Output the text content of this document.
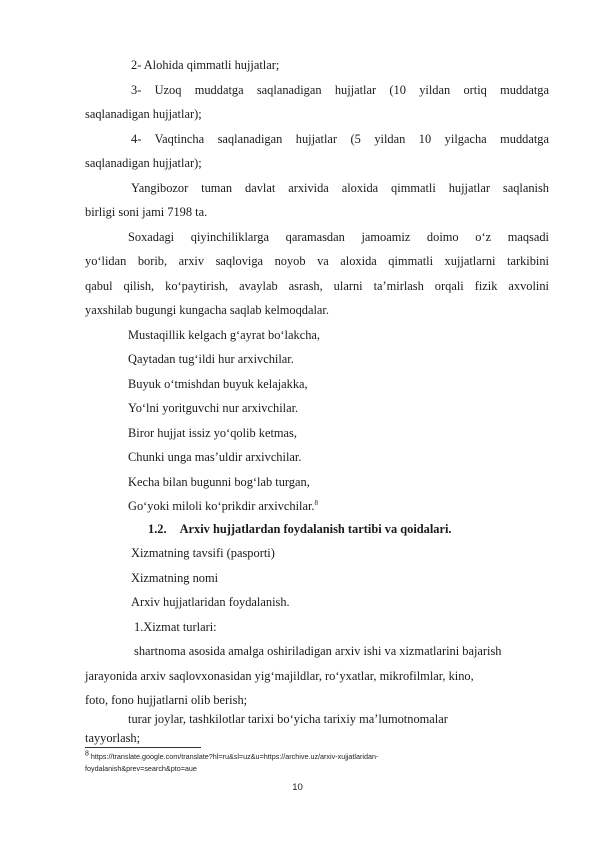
2- Alohida qimmatli hujjatlar;
3- Uzoq muddatga saqlanadigan hujjatlar (10 yildan ortiq muddatga
saqlanadigan hujjatlar);
4- Vaqtincha saqlanadigan hujjatlar (5 yildan 10 yilgacha muddatga
saqlanadigan hujjatlar);
Yangibozor tuman davlat arxivida aloxida qimmatli hujjatlar saqlanish
birligi soni jami 7198 ta.
Soxadagi qiyinchiliklarga qaramasdan jamoamiz doimo o‘z maqsadi
yo‘lidan borib, arxiv saqloviga noyob va aloxida qimmatli xujjatlarni tarkibini
qabul qilish, ko‘paytirish, avaylab asrash, ularni ta’mirlash orqali fizik axvolini
yaxshilab bugungi kungacha saqlab kelmoqdalar.
Mustaqillik kelgach g‘ayrat bo‘lakcha,
Qaytadan tug‘ildi hur arxivchilar.
Buyuk o‘tmishdan buyuk kelajakka,
Yo‘lni yoritguvchi nur arxivchilar.
Biror hujjat issiz yo‘qolib ketmas,
Chunki unga mas’uldir arxivchilar.
Kecha bilan bugunni bog‘lab turgan,
Go‘yoki miloli ko‘prikdir arxivchilar.$^8$
1.2. Arxiv hujjatlardan foydalanish tartibi va qoidalari.
Xizmatning tavsifi (pasporti)
Xizmatning nomi
Arxiv hujjatlaridan foydalanish.
1.Xizmat turlari:
shartnoma asosida amalga oshiriladigan arxiv ishi va xizmatlarini bajarish
jarayonida arxiv saqlovxonasidan yig‘majildlar, ro‘yxatlar, mikrofilmlar, kino,
foto, fono hujjatlarni olib berish;
turar joylar, tashkilotlar tarixi bo‘yicha tarixiy ma’lumotnomalar
tayyorlash;
8 https://translate.google.com/translate?hl=ru&sl=uz&u=https://archive.uz/arxiv-xujjatlaridan-
foydalanish&prev=search&pto=aue
10
